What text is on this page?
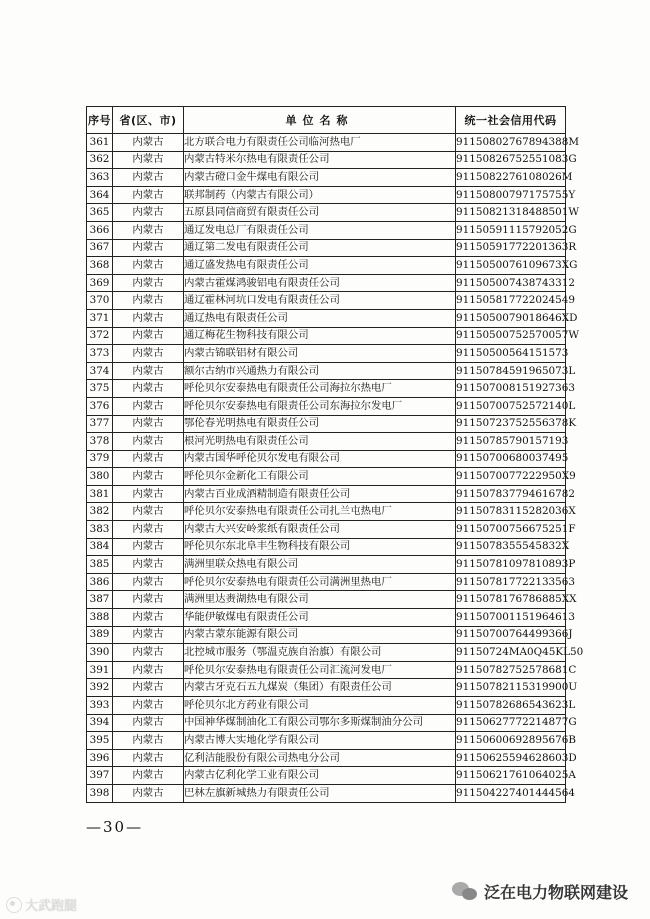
序号	省(区、市)	单位名称	统一社会信用代码
361	内蒙古	北方联合电力有限责任公司临河热电厂	91150802767894388M
362	内蒙古	内蒙古特米尔热电有限责任公司	91150826752551083G
363	内蒙古	内蒙古磴口金牛煤电有限公司	9115082276108026M
364	内蒙古	联邦制药（内蒙古有限公司）	91150800797175755Y
365	内蒙古	五原县同信商贸有限责任公司	91150821318488501W
366	内蒙古	通辽发电总厂有限责任公司	91150591115792052G
367	内蒙古	通辽第二发电有限责任公司	91150591772201363R
368	内蒙古	通辽盛发热电有限责任公司	9115050076109673XG
369	内蒙古	内蒙古霍煤鸿骏铝电有限责任公司	911505007438743312
370	内蒙古	通辽霍林河坑口发电有限责任公司	911505817722024549
371	内蒙古	通辽热电有限责任公司	9115050079018646XD
372	内蒙古	通辽梅花生物科技有限公司	91150500752570057W
373	内蒙古	内蒙古锦联铝材有限公司	91150500564151573
374	内蒙古	额尔古纳市兴通热力有限公司	91150784591965073L
375	内蒙古	呼伦贝尔安泰热电有限责任公司海拉尔热电厂	911507008151927363
376	内蒙古	呼伦贝尔安泰热电有限责任公司东海拉尔发电厂	91150700752572140L
377	内蒙古	鄂伦春光明热电有限责任公司	91150723752556378K
378	内蒙古	根河光明热电有限责任公司	91150785790157193
379	内蒙古	内蒙古国华呼伦贝尔发电有限公司	91150700680037495
380	内蒙古	呼伦贝尔金新化工有限公司	9115070077222950X9
381	内蒙古	内蒙古百业成酒精制造有限责任公司	911507837794616782
382	内蒙古	呼伦贝尔安泰热电有限责任公司扎兰屯热电厂	91150783115282036X
383	内蒙古	内蒙古大兴安岭浆纸有限责任公司	91150700756675251F
384	内蒙古	呼伦贝尔东北阜丰生物科技有限公司	9115078355545832X
385	内蒙古	满洲里联众热电有限公司	91150781097810893P
386	内蒙古	呼伦贝尔安泰热电有限责任公司满洲里热电厂	911507817722133563
387	内蒙古	满洲里达赉湖热电有限公司	9115078176786885XX
388	内蒙古	华能伊敏煤电有限责任公司	911507001151964613
389	内蒙古	内蒙古蒙东能源有限公司	91150700764499366J
390	内蒙古	北控城市服务（鄂温克族自治旗）有限公司	91150724MA0Q45KL50
391	内蒙古	呼伦贝尔安泰热电有限责任公司汇流河发电厂	91150782752578681C
392	内蒙古	内蒙古牙克石五九煤炭（集团）有限责任公司	91150782115319900U
393	内蒙古	呼伦贝尔北方药业有限公司	91150782686543623L
394	内蒙古	中国神华煤制油化工有限公司鄂尔多斯煤制油分公司	91150627772214877G
395	内蒙古	内蒙古博大实地化学有限公司	91150600692895676B
396	内蒙古	亿利洁能股份有限公司热电分公司	91150625594628603D
397	内蒙古	内蒙古亿利化学工业有限公司	91150621761064025A
398	内蒙古	巴林左旗新城热力有限责任公司	911504227401444564
—30—
大武跑腿
泛在电力物联网建设
